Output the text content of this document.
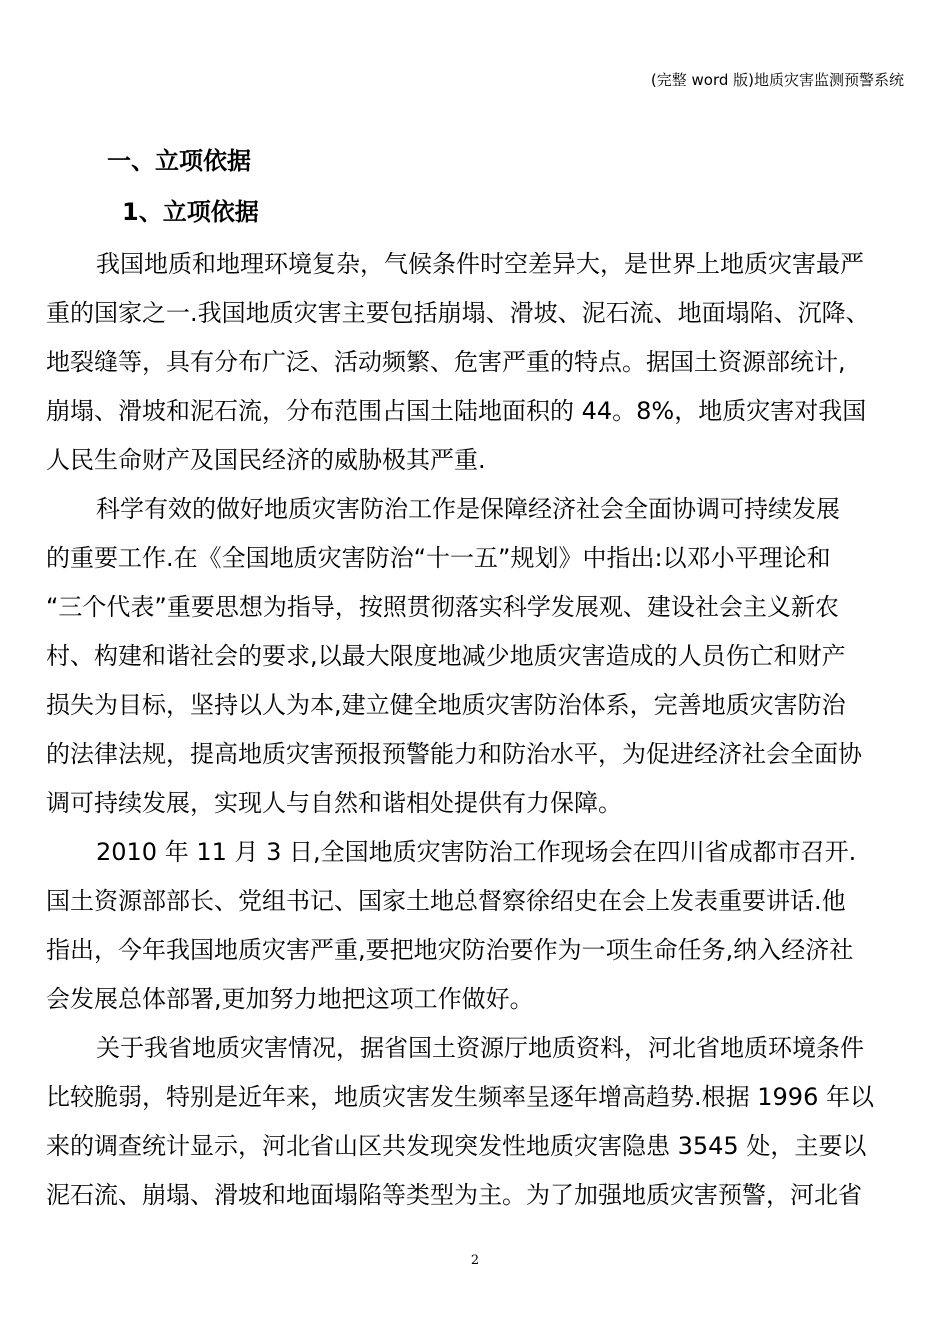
(完整 word 版)地质灾害监测预警系统
一、立项依据
1、立项依据
我国地质和地理环境复杂，气候条件时空差异大，是世界上地质灾害最严
重的国家之一.我国地质灾害主要包括崩塌、滑坡、泥石流、地面塌陷、沉降、
地裂缝等，具有分布广泛、活动频繁、危害严重的特点。据国土资源部统计,
崩塌、滑坡和泥石流，分布范围占国土陆地面积的 44。8%，地质灾害对我国
人民生命财产及国民经济的威胁极其严重.
科学有效的做好地质灾害防治工作是保障经济社会全面协调可持续发展
的重要工作.在《全国地质灾害防治“十一五”规划》中指出:以邓小平理论和
“三个代表”重要思想为指导，按照贯彻落实科学发展观、建设社会主义新农
村、构建和谐社会的要求,以最大限度地减少地质灾害造成的人员伤亡和财产
损失为目标，坚持以人为本,建立健全地质灾害防治体系，完善地质灾害防治
的法律法规，提高地质灾害预报预警能力和防治水平，为促进经济社会全面协
调可持续发展，实现人与自然和谐相处提供有力保障。
2010 年 11 月 3 日,全国地质灾害防治工作现场会在四川省成都市召开.
国土资源部部长、党组书记、国家土地总督察徐绍史在会上发表重要讲话.他
指出，今年我国地质灾害严重,要把地灾防治要作为一项生命任务,纳入经济社
会发展总体部署,更加努力地把这项工作做好。
关于我省地质灾害情况，据省国土资源厅地质资料，河北省地质环境条件
比较脆弱，特别是近年来，地质灾害发生频率呈逐年增高趋势.根据 1996 年以
来的调查统计显示，河北省山区共发现突发性地质灾害隐患 3545 处，主要以
泥石流、崩塌、滑坡和地面塌陷等类型为主。为了加强地质灾害预警，河北省
2
